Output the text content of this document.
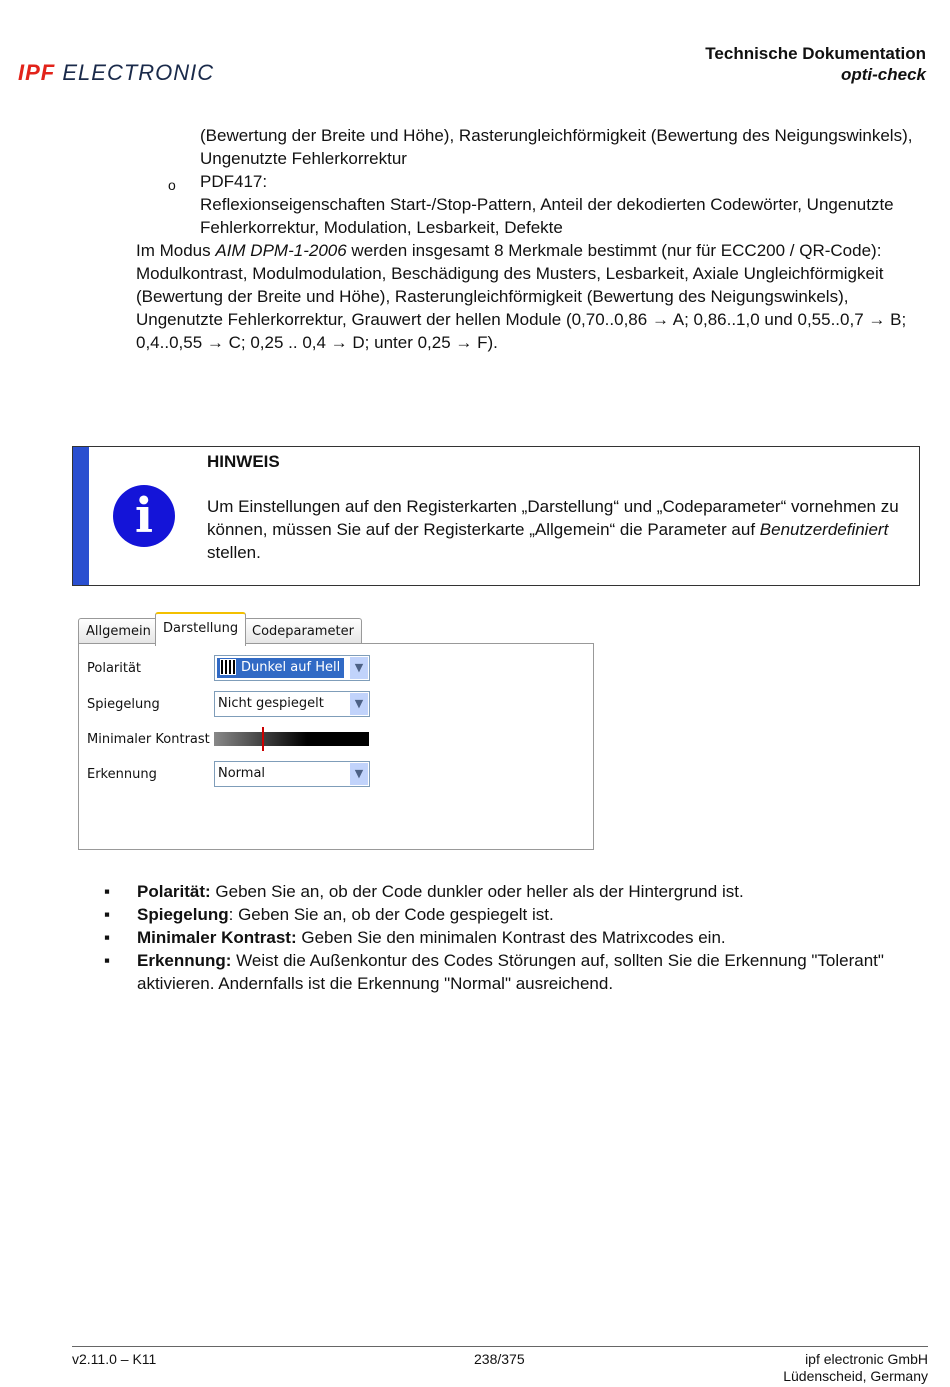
IPF ELECTRONIC
Technische Dokumentation
opti-check
(Bewertung der Breite und Höhe), Rasterungleichförmigkeit (Bewertung des Neigungswinkels), Ungenutzte Fehlerkorrektur
o PDF417:
Reflexionseigenschaften Start-/Stop-Pattern, Anteil der dekodierten Codewörter, Ungenutzte Fehlerkorrektur, Modulation, Lesbarkeit, Defekte
Im Modus AIM DPM-1-2006 werden insgesamt 8 Merkmale bestimmt (nur für ECC200 / QR-Code): Modulkontrast, Modulmodulation, Beschädigung des Musters, Lesbarkeit, Axiale Ungleichförmigkeit (Bewertung der Breite und Höhe), Rasterungleichförmigkeit (Bewertung des Neigungswinkels), Ungenutzte Fehlerkorrektur, Grauwert der hellen Module (0,70..0,86 → A; 0,86..1,0 und 0,55..0,7 → B; 0,4..0,55 → C; 0,25 .. 0,4 → D; unter 0,25 → F).
i
HINWEIS
Um Einstellungen auf den Registerkarten „Darstellung“ und „Codeparameter“ vornehmen zu können, müssen Sie auf der Registerkarte „Allgemein“ die Parameter auf Benutzerdefiniert stellen.
Allgemein Darstellung	Codeparameter
Polarität	Dunkel auf Hell	▼
Spiegelung	Nicht gespiegelt	▼
Minimaler Kontrast
Erkennung	Normal	▼
▪ Polarität: Geben Sie an, ob der Code dunkler oder heller als der Hintergrund ist.
▪ Spiegelung: Geben Sie an, ob der Code gespiegelt ist.
▪ Minimaler Kontrast: Geben Sie den minimalen Kontrast des Matrixcodes ein.
▪ Erkennung: Weist die Außenkontur des Codes Störungen auf, sollten Sie die Erkennung "Tolerant" aktivieren. Andernfalls ist die Erkennung "Normal" ausreichend.
v2.11.0 – K11	238/375	ipf electronic GmbH
Lüdenscheid, Germany
